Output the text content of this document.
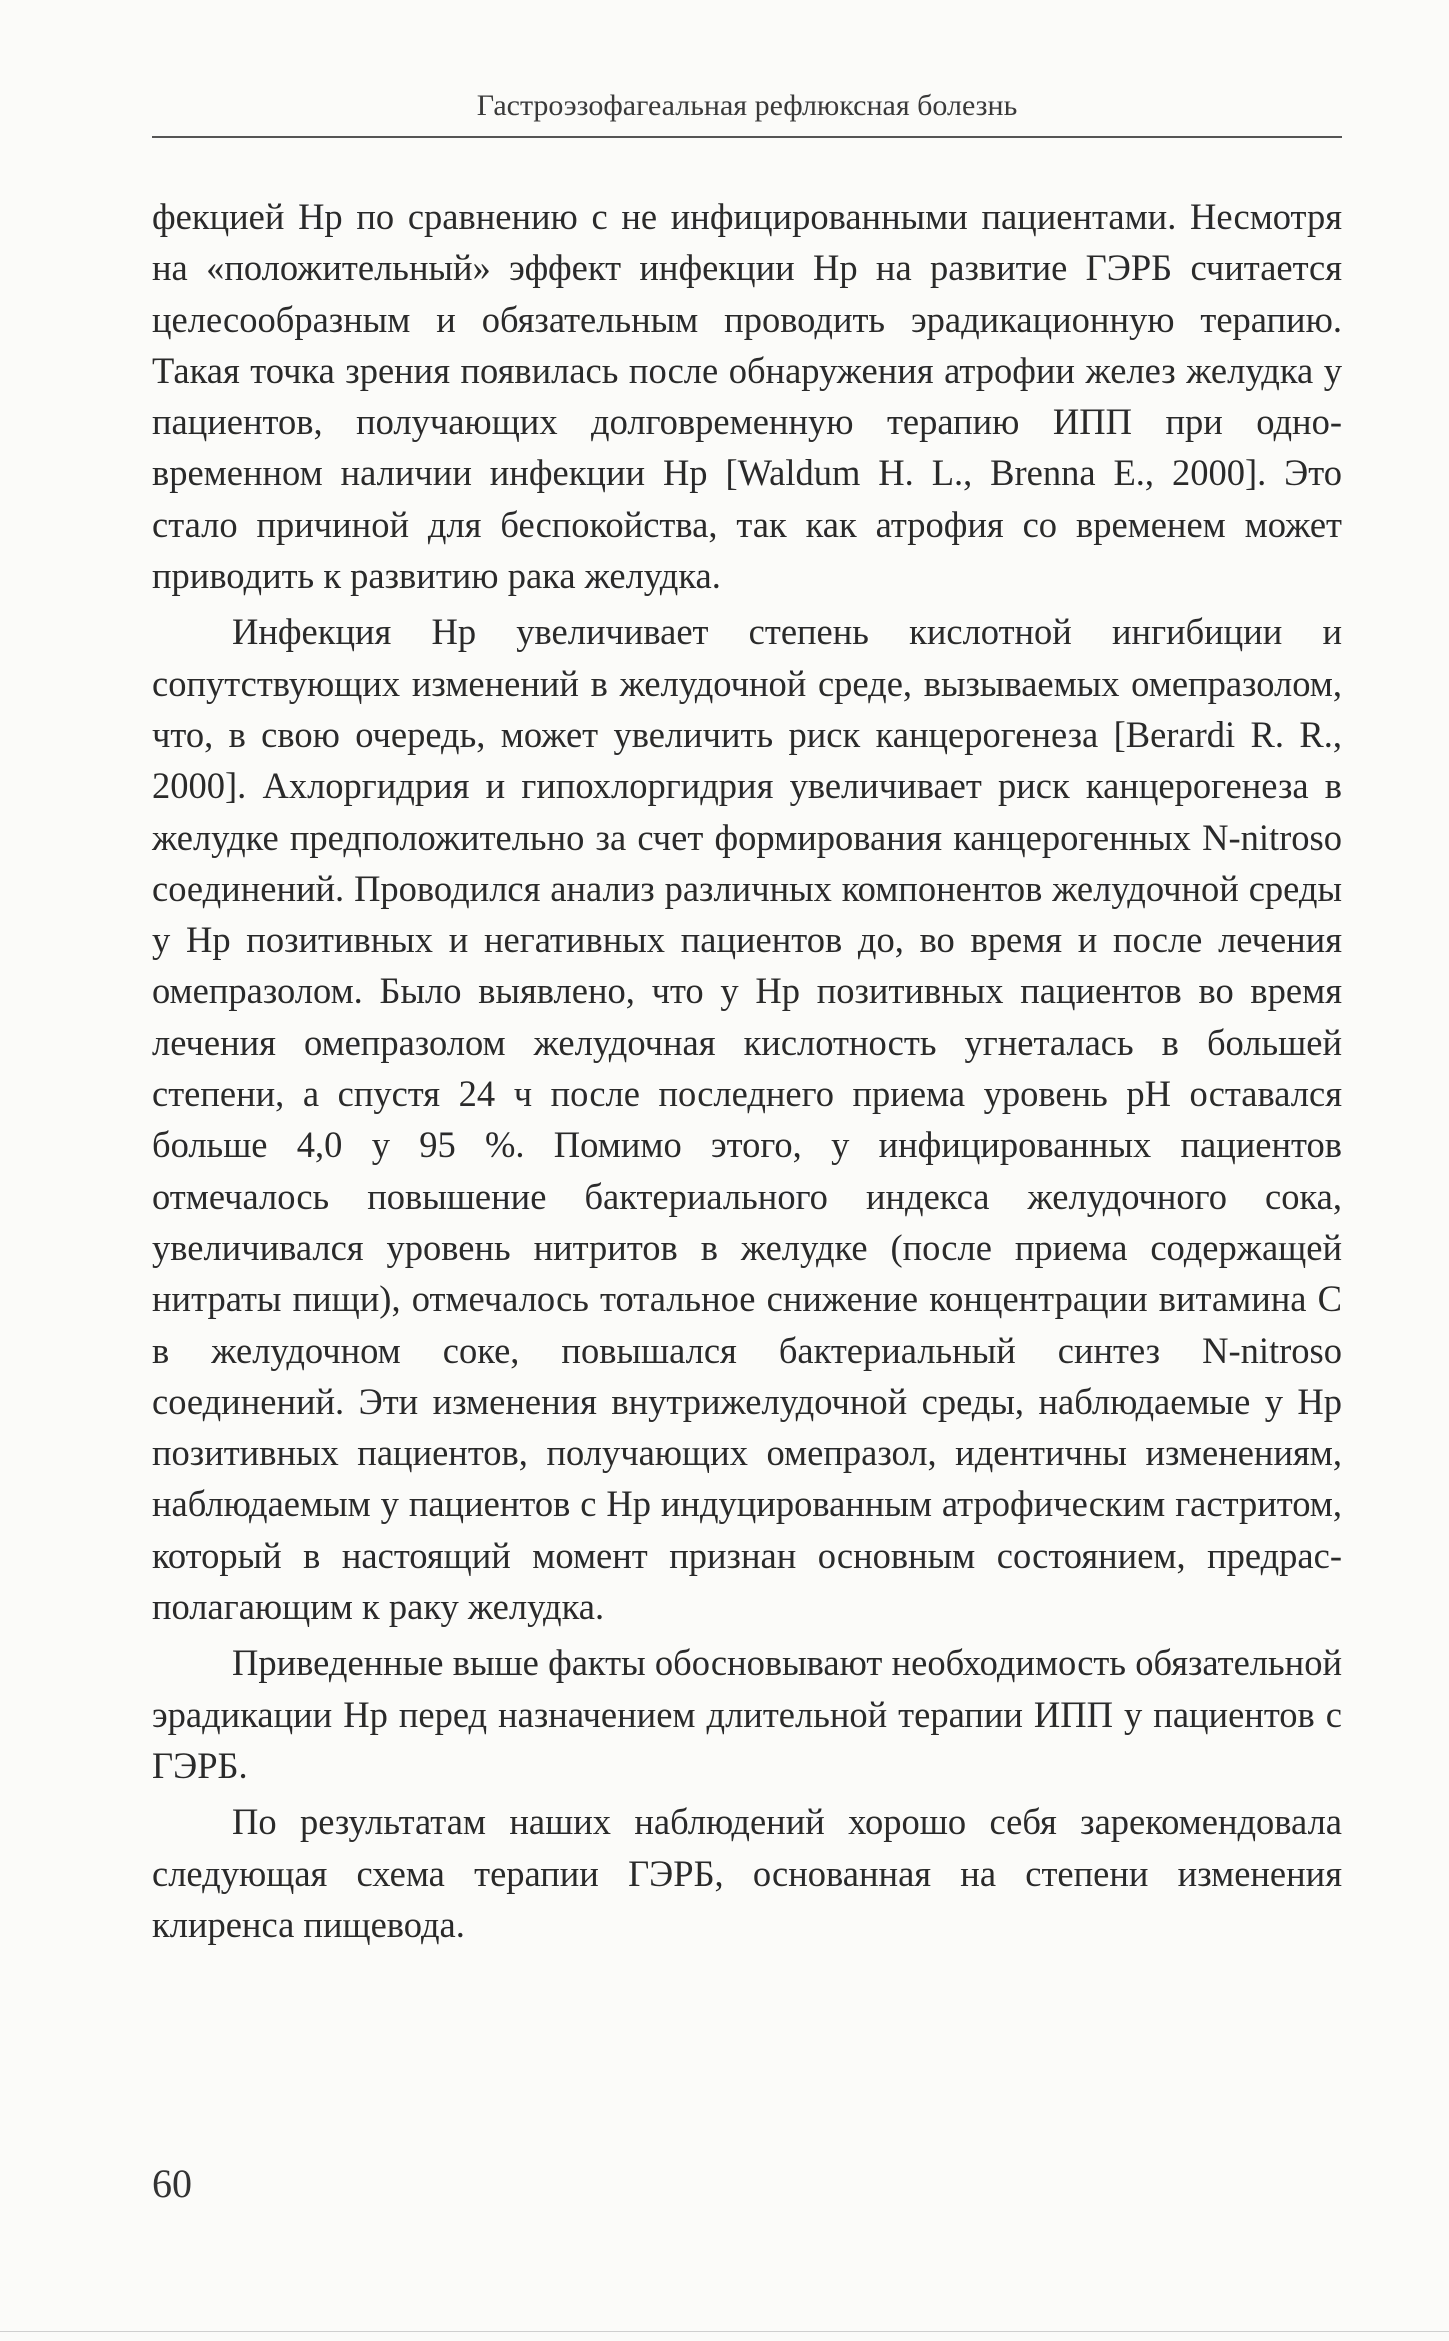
Гастроэзофагеальная рефлюксная болезнь

фекцией Нр по сравнению с не инфицированными пациентами. Несмотря на «положительный» эффект инфекции Нр на развитие ГЭРБ считается целесообразным и обязательным проводить эрадикационную терапию. Такая точка зрения появилась после обнаружения атрофии желез желудка у пациентов, получающих долговременную терапию ИПП при одновременном наличии инфекции Нр [Waldum H. L., Brenna E., 2000]. Это стало причиной для беспокойства, так как атрофия со временем может приводить к развитию рака желудка.

Инфекция Нр увеличивает степень кислотной ингибиции и сопутствующих изменений в желудочной среде, вызываемых омепразолом, что, в свою очередь, может увеличить риск канцерогенеза [Berardi R. R., 2000]. Ахлоргидрия и гипохлоргидрия увеличивает риск канцерогенеза в желудке предположительно за счет формирования канцерогенных N-nitroso соединений. Проводился анализ различных компонентов желудочной среды у Нр позитивных и негативных пациентов до, во время и после лечения омепразолом. Было выявлено, что у Нр позитивных пациентов во время лечения омепразолом желудочная кислотность угнеталась в большей степени, а спустя 24 ч после последнего приема уровень pH оставался больше 4,0 у 95 %. Помимо этого, у инфицированных пациентов отмечалось повышение бактериального индекса желудочного сока, увеличивался уровень нитритов в желудке (после приема содержащей нитраты пищи), отмечалось тотальное снижение концентрации витамина С в желудочном соке, повышался бактериальный синтез N-nitroso соединений. Эти изменения внутрижелудочной среды, наблюдаемые у Нр позитивных пациентов, получающих омепразол, идентичны изменениям, наблюдаемым у пациентов с Нр индуцированным атрофическим гастритом, который в настоящий момент признан основным состоянием, предрасполагающим к раку желудка.

Приведенные выше факты обосновывают необходимость обязательной эрадикации Нр перед назначением длительной терапии ИПП у пациентов с ГЭРБ.

По результатам наших наблюдений хорошо себя зарекомендовала следующая схема терапии ГЭРБ, основанная на степени изменения клиренса пищевода.

60
